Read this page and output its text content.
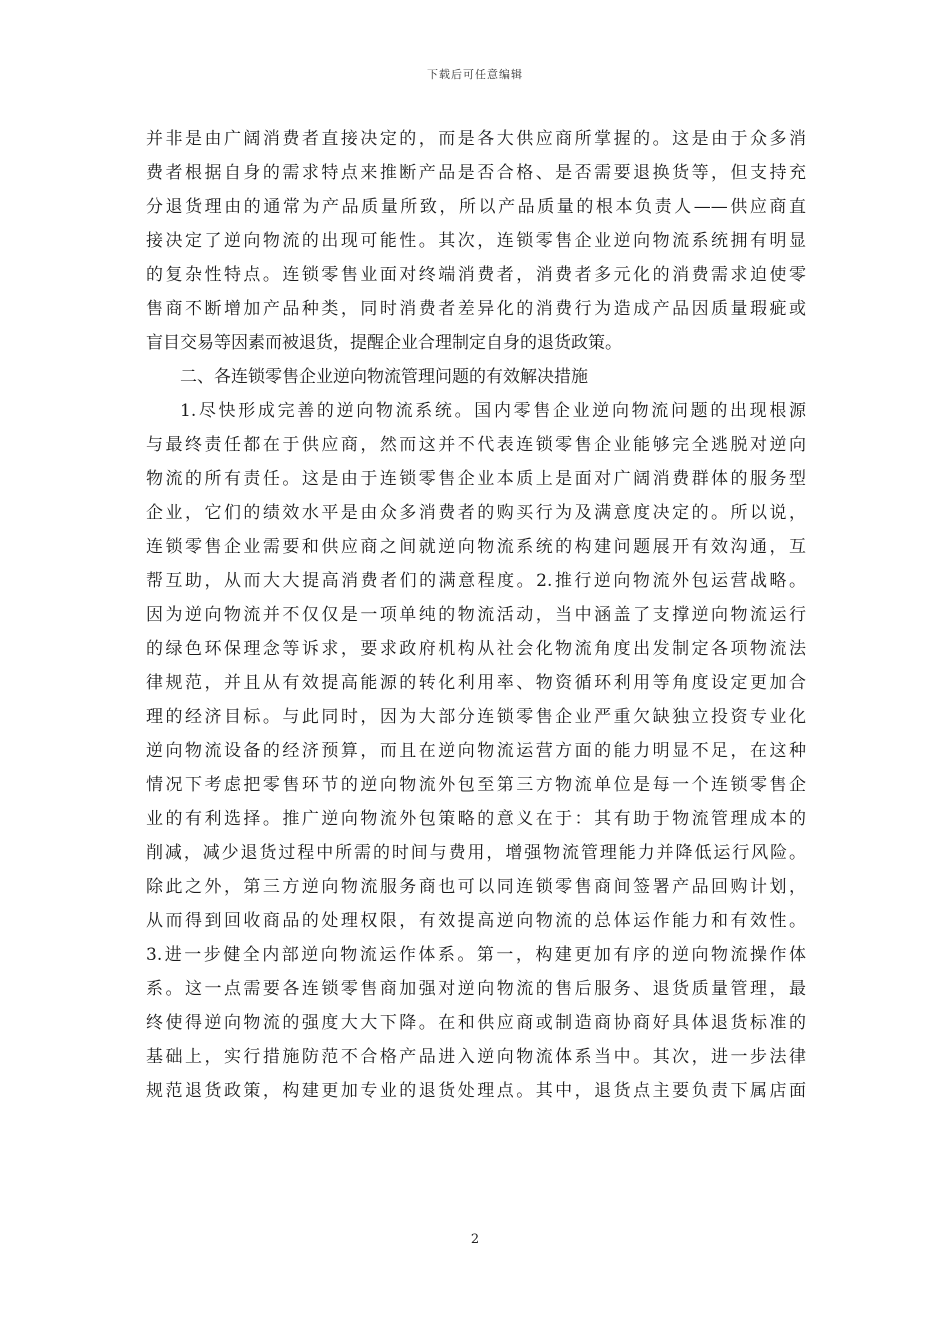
下载后可任意编辑
并非是由广阔消费者直接决定的，而是各大供应商所掌握的。这是由于众多消
费者根据自身的需求特点来推断产品是否合格、是否需要退换货等，但支持充
分退货理由的通常为产品质量所致，所以产品质量的根本负责人——供应商直
接决定了逆向物流的出现可能性。其次，连锁零售企业逆向物流系统拥有明显
的复杂性特点。连锁零售业面对终端消费者，消费者多元化的消费需求迫使零
售商不断增加产品种类，同时消费者差异化的消费行为造成产品因质量瑕疵或
盲目交易等因素而被退货，提醒企业合理制定自身的退货政策。
二、各连锁零售企业逆向物流管理问题的有效解决措施
1.尽快形成完善的逆向物流系统。国内零售企业逆向物流问题的出现根源
与最终责任都在于供应商，然而这并不代表连锁零售企业能够完全逃脱对逆向
物流的所有责任。这是由于连锁零售企业本质上是面对广阔消费群体的服务型
企业，它们的绩效水平是由众多消费者的购买行为及满意度决定的。所以说，
连锁零售企业需要和供应商之间就逆向物流系统的构建问题展开有效沟通，互
帮互助，从而大大提高消费者们的满意程度。2.推行逆向物流外包运营战略。
因为逆向物流并不仅仅是一项单纯的物流活动，当中涵盖了支撑逆向物流运行
的绿色环保理念等诉求，要求政府机构从社会化物流角度出发制定各项物流法
律规范，并且从有效提高能源的转化利用率、物资循环利用等角度设定更加合
理的经济目标。与此同时，因为大部分连锁零售企业严重欠缺独立投资专业化
逆向物流设备的经济预算，而且在逆向物流运营方面的能力明显不足，在这种
情况下考虑把零售环节的逆向物流外包至第三方物流单位是每一个连锁零售企
业的有利选择。推广逆向物流外包策略的意义在于：其有助于物流管理成本的
削减，减少退货过程中所需的时间与费用，增强物流管理能力并降低运行风险。
除此之外，第三方逆向物流服务商也可以同连锁零售商间签署产品回购计划，
从而得到回收商品的处理权限，有效提高逆向物流的总体运作能力和有效性。
3.进一步健全内部逆向物流运作体系。第一，构建更加有序的逆向物流操作体
系。这一点需要各连锁零售商加强对逆向物流的售后服务、退货质量管理，最
终使得逆向物流的强度大大下降。在和供应商或制造商协商好具体退货标准的
基础上，实行措施防范不合格产品进入逆向物流体系当中。其次，进一步法律
规范退货政策，构建更加专业的退货处理点。其中，退货点主要负责下属店面
2
